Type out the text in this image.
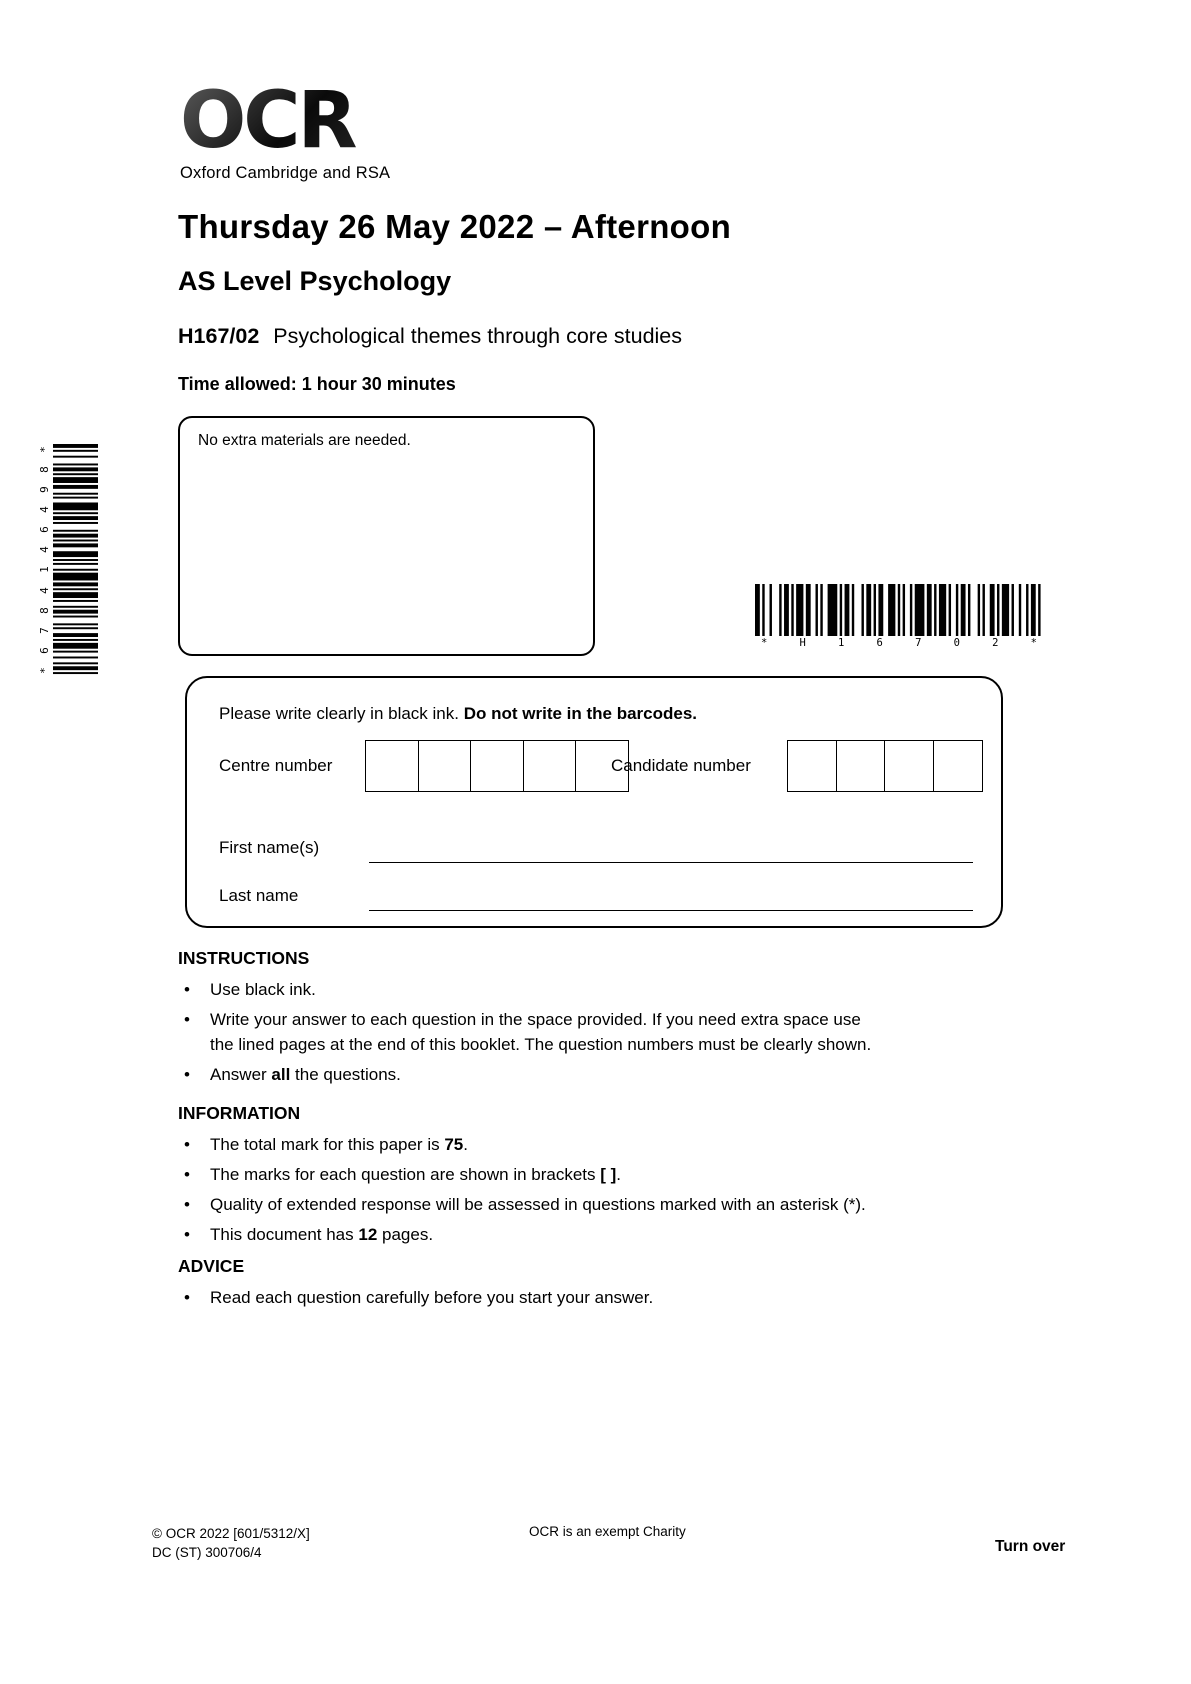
OCR
Oxford Cambridge and RSA
Thursday 26 May 2022 – Afternoon
AS Level Psychology
H167/02 Psychological themes through core studies
Time allowed: 1 hour 30 minutes
No extra materials are needed.
*
8
9
4
6
4
1
4
8
7
6
*
*	H	1	6	7	0	2	*
Please write clearly in black ink. Do not write in the barcodes.
Centre number	Candidate number
First name(s)
Last name
INSTRUCTIONS
•	Use black ink.
•	Write your answer to each question in the space provided. If you need extra space use
the lined pages at the end of this booklet. The question numbers must be clearly shown.
•	Answer all the questions.
INFORMATION
•	The total mark for this paper is 75.
•	The marks for each question are shown in brackets [ ].
•	Quality of extended response will be assessed in questions marked with an asterisk (*).
•	This document has 12 pages.
ADVICE
•	Read each question carefully before you start your answer.
© OCR 2022 [601/5312/X]
DC (ST) 300706/4
OCR is an exempt Charity
Turn over
